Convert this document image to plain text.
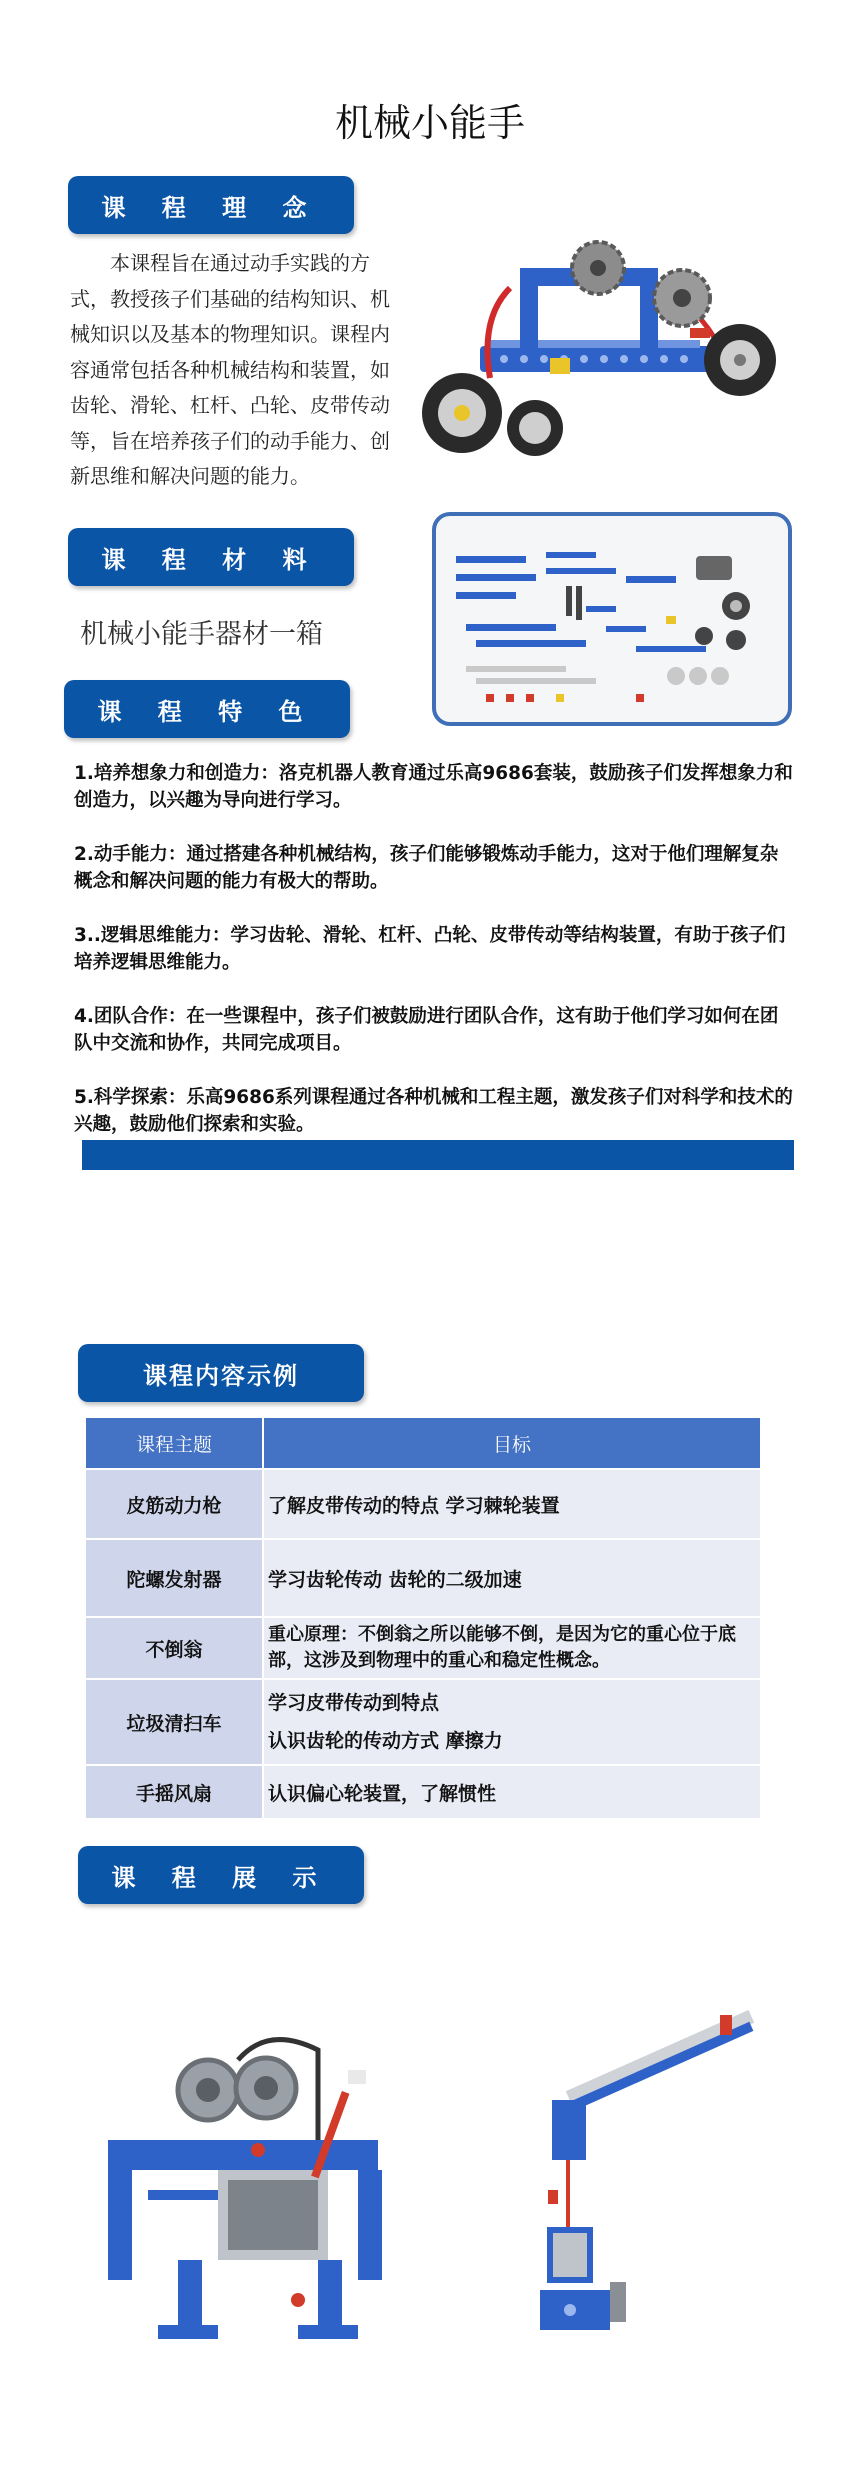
机械小能手
课 程 理 念
本课程旨在通过动手实践的方式，教授孩子们基础的结构知识、机械知识以及基本的物理知识。课程内容通常包括各种机械结构和装置，如齿轮、滑轮、杠杆、凸轮、皮带传动等，旨在培养孩子们的动手能力、创新思维和解决问题的能力。
课 程 材 料
机械小能手器材一箱
课 程 特 色

1.培养想象力和创造力：洛克机器人教育通过乐高9686套装，鼓励孩子们发挥想象力和创造力，以兴趣为导向进行学习。

2.动手能力：通过搭建各种机械结构，孩子们能够锻炼动手能力，这对于他们理解复杂概念和解决问题的能力有极大的帮助。

3..逻辑思维能力：学习齿轮、滑轮、杠杆、凸轮、皮带传动等结构装置，有助于孩子们培养逻辑思维能力。

4.团队合作：在一些课程中，孩子们被鼓励进行团队合作，这有助于他们学习如何在团队中交流和协作，共同完成项目。

5.科学探索：乐高9686系列课程通过各种机械和工程主题，激发孩子们对科学和技术的兴趣，鼓励他们探索和实验。

课程内容示例
课程主题	目标
皮筋动力枪	了解皮带传动的特点 学习棘轮装置
陀螺发射器	学习齿轮传动 齿轮的二级加速
不倒翁	重心原理：不倒翁之所以能够不倒，是因为它的重心位于底部，这涉及到物理中的重心和稳定性概念。
垃圾清扫车	学习皮带传动到特点
认识齿轮的传动方式 摩擦力

手摇风扇	认识偏心轮装置，了解惯性
课 程 展 示
